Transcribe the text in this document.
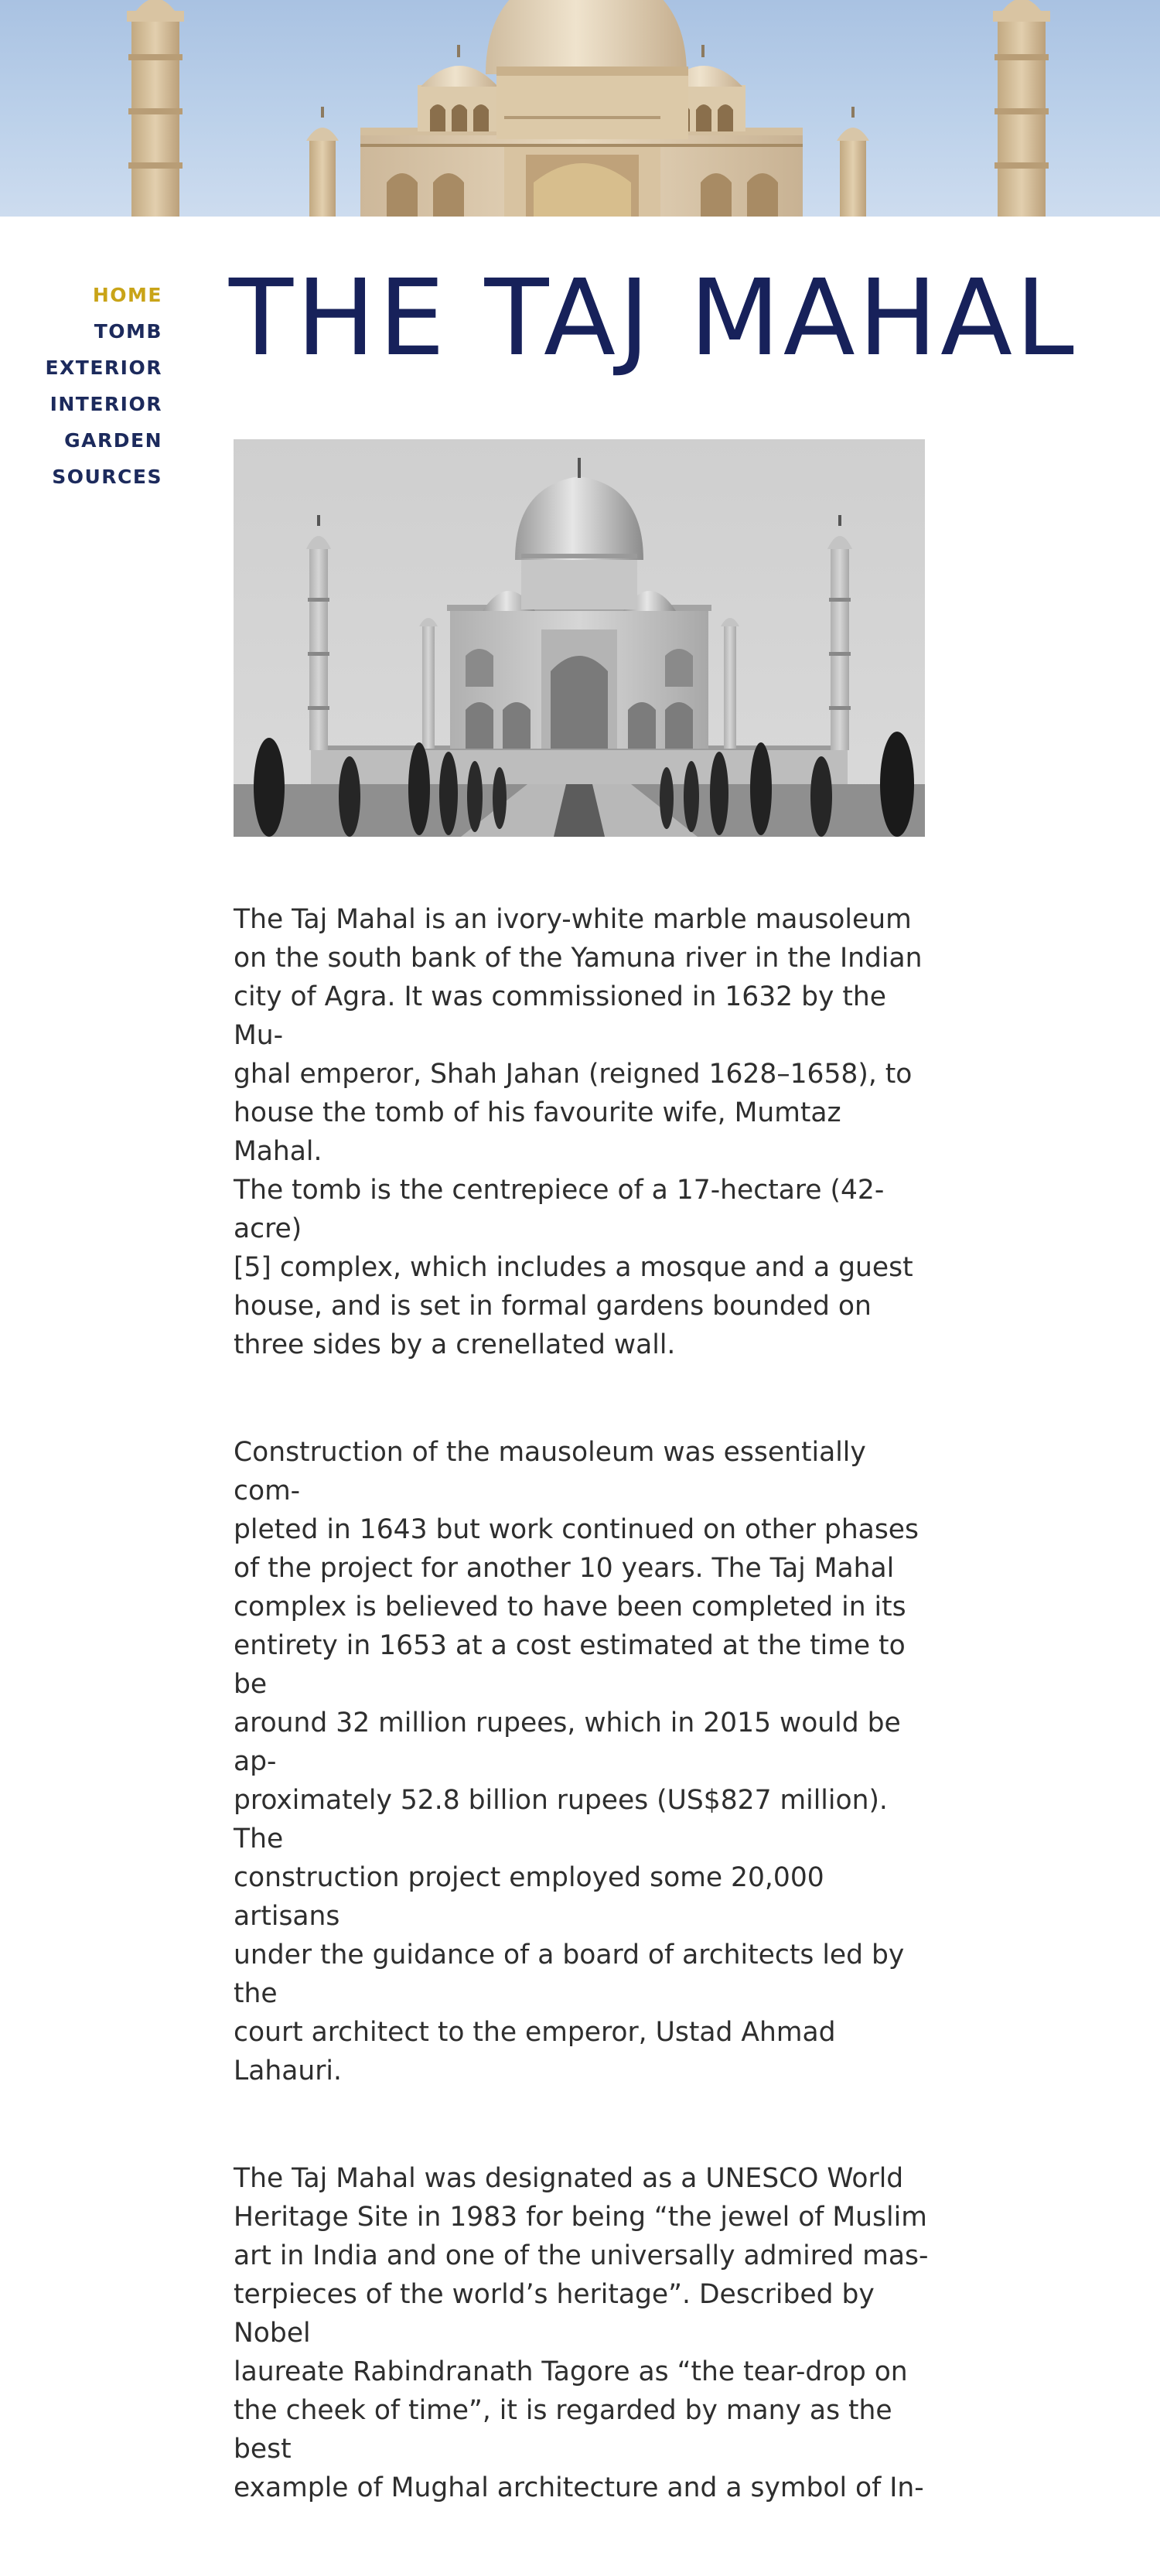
HOME
TOMB
EXTERIOR
INTERIOR
GARDEN
SOURCES
THE TAJ MAHAL

The Taj Mahal is an ivory-white marble mausoleum
on the south bank of the Yamuna river in the Indian
city of Agra. It was commissioned in 1632 by the Mu-
ghal emperor, Shah Jahan (reigned 1628–1658), to
house the tomb of his favourite wife, Mumtaz Mahal.
The tomb is the centrepiece of a 17-hectare (42-acre)
[5] complex, which includes a mosque and a guest
house, and is set in formal gardens bounded on
three sides by a crenellated wall.

Construction of the mausoleum was essentially com-
pleted in 1643 but work continued on other phases
of the project for another 10 years. The Taj Mahal
complex is believed to have been completed in its
entirety in 1653 at a cost estimated at the time to be
around 32 million rupees, which in 2015 would be ap-
proximately 52.8 billion rupees (US$827 million). The
construction project employed some 20,000 artisans
under the guidance of a board of architects led by the
court architect to the emperor, Ustad Ahmad Lahauri.

The Taj Mahal was designated as a UNESCO World
Heritage Site in 1983 for being “the jewel of Muslim
art in India and one of the universally admired mas-
terpieces of the world’s heritage”. Described by Nobel
laureate Rabindranath Tagore as “the tear-drop on
the cheek of time”, it is regarded by many as the best
example of Mughal architecture and a symbol of In-
